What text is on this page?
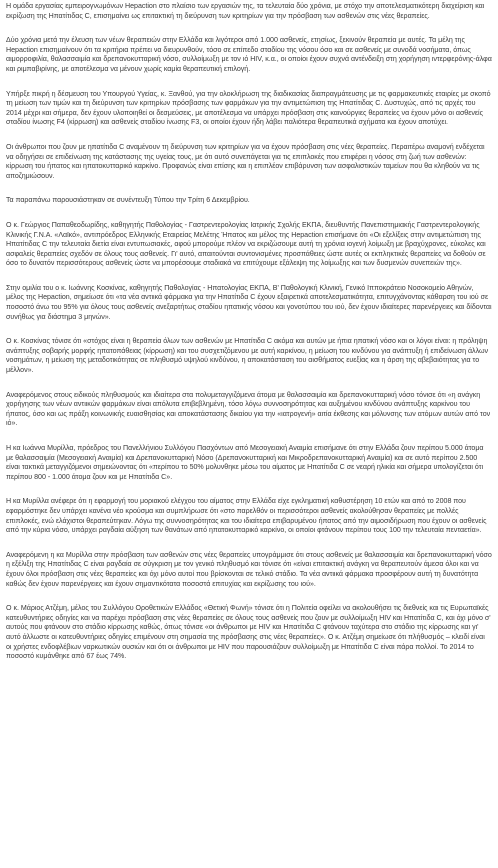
Η ομάδα εργασίας εμπειρογνωμόνων Hepaction στο πλαίσιο των εργασιών της, τα τελευταία δύο χρόνια, με στόχο την αποτελεσματικότερη διαχείριση και εκρίζωση της Ηπατίτιδας C, επισημαίνει ως επιτακτική τη διεύρυνση των κριτηρίων για την πρόσβαση των ασθενών στις νέες θεραπείες.

Δύο χρόνια μετά την έλευση των νέων θεραπειών στην Ελλάδα και λιγότεροι από 1.000 ασθενείς, ετησίως, ξεκινούν θεραπεία με αυτές. Τα μέλη της Hepaction επισημαίνουν ότι τα κριτήρια πρέπει να διευρυνθούν, τόσο σε επίπεδο σταδίου της νόσου όσο και σε ασθενείς με συνοδά νοσήματα, όπως αιμορροφιλία, θαλασσαιμία και δρεπανοκυτταρική νόσο, συλλοίμωξη με τον ιό HIV, κ.α., οι οποίοι έχουν συχνά αντένδειξη στη χορήγηση ιντερφερόνης-άλφα και ριμπαβιρίνης, με αποτέλεσμα να μένουν χωρίς καμία θεραπευτική επιλογή.

Υπήρξε πικρή η δέσμευση του Υπουργού Υγείας, κ. Ξανθού, για την ολοκλήρωση της διαδικασίας διαπραγμάτευσης με τις φαρμακευτικές εταιρίες με σκοπό τη μείωση των τιμών και τη διεύρυνση των κριτηρίων πρόσβασης των φαρμάκων για την αντιμετώπιση της Ηπατίτιδας C. Δυστυχώς, από τις αρχές του 2014 μέχρι και σήμερα, δεν έχουν υλοποιηθεί οι δεσμεύσεις, με αποτέλεσμα να υπάρχει πρόσβαση στις καινούργιες θεραπείες να έχουν μόνο οι ασθενείς σταδίου ίνωσης F4 (κίρρωση) και ασθενείς σταδίου ίνωσης F3, οι οποίοι έχουν ήδη λάβει παλιότερα θεραπευτικά σχήματα και έχουν αποτύχει.

Οι άνθρωποι που ζουν με ηπατίτιδα C αναμένουν τη διεύρυνση των κριτηρίων για να έχουν πρόσβαση στις νέες θεραπείες. Περαιτέρω αναμονή ενδέχεται να οδηγήσει σε επιδείνωση της κατάστασης της υγείας τους, με ότι αυτό συνεπάγεται για τις επιπλοκές που επιφέρει η νόσος στη ζωή των ασθενών: κίρρωση του ήπατος και ηπατοκυτταρικό καρκίνο. Προφανώς είναι επίσης και η επιπλέον επιβάρυνση των ασφαλιστικών ταμείων που θα κληθούν να τις αποζημιώσουν.

Τα παραπάνω παρουσιάστηκαν σε συνέντευξη Τύπου την Τρίτη 6 Δεκεμβρίου.

Ο κ. Γεώργιος Παπαθεοδωρίδης, καθηγητής Παθολογίας - Γαστρεντερολογίας Ιατρικής Σχολής ΕΚΠΑ, διευθυντής Πανεπιστημιακής Γαστρεντερολογικής Κλινικής Γ.Ν.Α. «Λαϊκό», αντιπρόεδρος Ελληνικής Εταιρείας Μελέτης Ήπατος και μέλος της Hepaction επισήμανε ότι «Οι εξελίξεις στην αντιμετώπιση της Ηπατίτιδας C την τελευταία διετία είναι εντυπωσιακές, αφού μπορούμε πλέον να εκριζώσουμε αυτή τη χρόνια ιογενή λοίμωξη με βραχύχρονες, εύκολες και ασφαλείς θεραπείες σχεδόν σε όλους τους ασθενείς. Γι' αυτό, απαιτούνται συντονισμένες προσπάθειες ώστε αυτές οι εκπληκτικές θεραπείες να δοθούν σε όσο το δυνατόν περισσότερους ασθενείς ώστε να μπορέσουμε σταδιακά να επιτύχουμε εξάλειψη της λοίμωξης και των δυσμενών συνεπειών της».

Στην ομιλία του ο κ. Ιωάννης Κοσκίνας, καθηγητής Παθολογίας - Ηπατολογίας ΕΚΠΑ, Β' Παθολογική Κλινική, Γενικό Ιπποκράτειο Νοσοκομείο Αθηνών, μέλος της Hepaction, σημείωσε ότι «τα νέα αντιικά φάρμακα για την Ηπατίτιδα C έχουν εξαιρετικά αποτελεσματικότητα, επιτυγχάνοντας κάθαρση του ιού σε ποσοστό άνω του 95% για όλους τους ασθενείς ανεξαρτήτως σταδίου ηπατικής νόσου και γονοτύπου του ιού, δεν έχουν ιδιαίτερες παρενέργειες και δίδονται συνήθως για διάστημα 3 μηνών».

Ο κ. Κοσκίνας τόνισε ότι «στόχος είναι η θεραπεία όλων των ασθενών με Ηπατίτιδα C ακόμα και αυτών με ήπια ηπατική νόσο και οι λόγοι είναι: η πρόληψη ανάπτυξης σοβαρής μορφής ηπατοπάθειας (κίρρωση) και του συσχετιζόμενου με αυτή καρκίνου, η μείωση του κινδύνου για ανάπτυξη ή επιδείνωση άλλων νοσημάτων, η μείωση της μεταδοτικότητας σε πληθυσμό υψηλού κινδύνου, η αποκατάσταση του αισθήματος ευεξίας και η άρση της αβεβαιότητας για το μέλλον».

Αναφερόμενος στους ειδικούς πληθυσμούς και ιδιαίτερα στα πολυμεταγγιζόμενα άτομα με θαλασσαιμία και δρεπανοκυτταρική νόσο τόνισε ότι «η ανάγκη χορήγησης των νέων αντιικών φαρμάκων είναι απόλυτα επιβεβλημένη, τόσο λόγω συννοσηρότητας και αυξημένου κινδύνου ανάπτυξης καρκίνου του ήπατος, όσο και ως πράξη κοινωνικής ευαισθησίας και αποκατάστασης δικαίου για την «ιατρογενή» αιτία έκθεσης και μόλυνσης των ατόμων αυτών από τον ιό».

Η κα Ιωάννα Μυρίλλα, πρόεδρος του Πανελλήνιου Συλλόγου Πασχόντων από Μεσογειακή Αναιμία επισήμανε ότι στην Ελλάδα ζουν περίπου 5.000 άτομα με θαλασσαιμία (Μεσογειακή Αναιμία) και Δρεπανοκυτταρική Νόσο (Δρεπανοκυτταρική και Μικροδρεπανοκυτταρική Αναιμία) και σε αυτό περίπου 2.500 είναι τακτικά μεταγγιζόμενοι σημειώνοντας ότι «περίπου το 50% μολυνθηκε μέσω του αίματος με Ηπατίτιδα C σε νεαρή ηλικία και σήμερα υπολογίζεται ότι περίπου 800 - 1.000 άτομα ζουν και με Ηπατίτιδα C».

Η κα Μυρίλλα ανέφερε ότι η εφαρμογή του μοριακού ελέγχου του αίματος στην Ελλάδα είχε εγκληματική καθυστέρηση 10 ετών και από το 2008 που εφαρμόστηκε δεν υπάρχει κανένα νέο κρούσμα και συμπλήρωσε ότι «στο παρελθόν οι περισσότεροι ασθενείς ακολούθησαν θεραπείες με πολλές επιπλοκές, ενώ ελάχιστοι θεραπεύτηκαν. Λόγω της συννοσηρότητας και του ιδιαίτερα επιβαρυμένου ήπατος από την αιμοσιδήρωση που έχουν οι ασθενείς από την κύρια νόσο, υπάρχει ραγδαία αύξηση των θανάτων από ηπατοκυτταρικό καρκίνο, οι οποίοι φτάνουν περίπου τους 100 την τελευταία πενταετία».

Αναφερόμενη η κα Μυρίλλα στην πρόσβαση των ασθενών στις νέες θεραπείες υπογράμμισε ότι στους ασθενείς με θαλασσαιμία και δρεπανοκυτταρική νόσο η εξέλιξη της Ηπατίτιδας C είναι ραγδαία σε σύγκριση με τον γενικό πληθυσμό και τόνισε ότι «είναι επιτακτική ανάγκη να θεραπευτούν άμεσα όλοι και να έχουν όλοι πρόσβαση στις νέες θεραπείες και όχι μόνο αυτοί που βρίσκονται σε τελικό στάδιο. Τα νέα αντιικά φάρμακα προσφέρουν αυτή τη δυνατότητα καθώς δεν έχουν παρενέργειες και έχουν σημαντικότατα ποσοστά επιτυχίας και εκρίζωσης του ιού».

Ο κ. Μάριος Ατζέμη, μέλος του Συλλόγου Οροθετικών Ελλάδος «Θετική Φωνή» τόνισε ότι η Πολιτεία οφείλει να ακολουθήσει τις διεθνείς και τις Ευρωπαϊκές κατευθυντήριες οδηγίες και να παρέχει πρόσβαση στις νέες θεραπείες σε όλους τους ασθενείς που ζουν με συλλοίμωξη HIV και Ηπατίτιδα C, και όχι μόνο σ' αυτούς που φτάνουν στο στάδιο κίρρωσης καθώς, όπως τόνισε «οι άνθρωποι με HIV και Ηπατίτιδα C φτάνουν ταχύτερα στο στάδιο της κίρρωσης και γι' αυτό άλλωστε οι κατευθυντήριες οδηγίες επιμένουν στη σημασία της πρόσβασης στις νέες θεραπείες». Ο κ. Ατζέμη σημείωσε ότι πλήθυσμός – κλειδί είναι οι χρήστες ενδοφλέβιων ναρκωτικών ουσιών και ότι οι άνθρωποι με HIV που παρουσιάζουν συλλοίμωξη με Ηπατίτιδα C είναι πάρα πολλοί. Το 2014 το ποσοστό κυμάνθηκε από 67 έως 74%.
